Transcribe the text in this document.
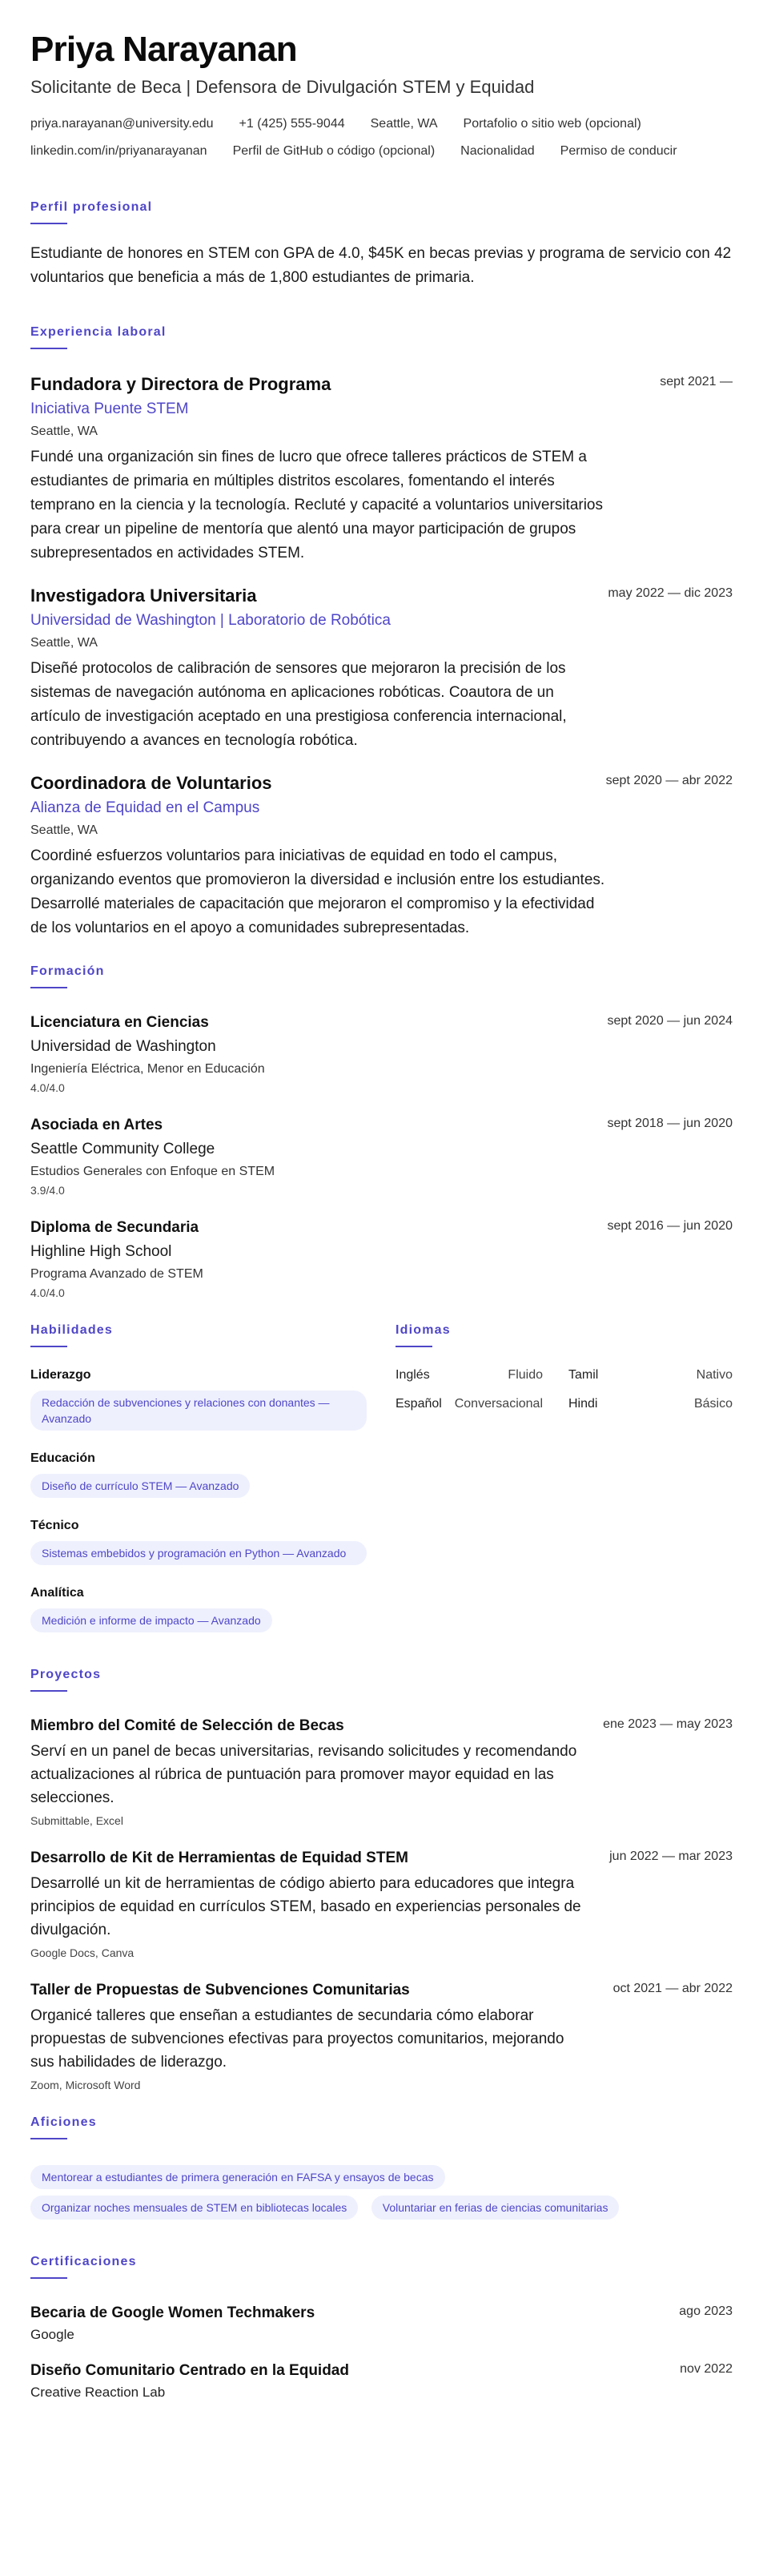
Priya Narayanan
Solicitante de Beca | Defensora de Divulgación STEM y Equidad
priya.narayanan@university.edu +1 (425) 555-9044 Seattle, WA Portafolio o sitio web (opcional)
linkedin.com/in/priyanarayanan Perfil de GitHub o código (opcional) Nacionalidad Permiso de conducir
Perfil profesional

Estudiante de honores en STEM con GPA de 4.0, $45K en becas previas y programa de servicio con 42 voluntarios que beneficia a más de 1,800 estudiantes de primaria.

Experiencia laboral
Fundadora y Directora de Programa	sept 2021 —
Iniciativa Puente STEM
Seattle, WA

Fundé una organización sin fines de lucro que ofrece talleres prácticos de STEM a estudiantes de primaria en múltiples distritos escolares, fomentando el interés temprano en la ciencia y la tecnología. Recluté y capacité a voluntarios universitarios para crear un pipeline de mentoría que alentó una mayor participación de grupos subrepresentados en actividades STEM.

Investigadora Universitaria	may 2022 — dic 2023
Universidad de Washington | Laboratorio de Robótica
Seattle, WA

Diseñé protocolos de calibración de sensores que mejoraron la precisión de los sistemas de navegación autónoma en aplicaciones robóticas. Coautora de un artículo de investigación aceptado en una prestigiosa conferencia internacional, contribuyendo a avances en tecnología robótica.

Coordinadora de Voluntarios	sept 2020 — abr 2022
Alianza de Equidad en el Campus
Seattle, WA

Coordiné esfuerzos voluntarios para iniciativas de equidad en todo el campus, organizando eventos que promovieron la diversidad e inclusión entre los estudiantes. Desarrollé materiales de capacitación que mejoraron el compromiso y la efectividad de los voluntarios en el apoyo a comunidades subrepresentadas.

Formación
Licenciatura en Ciencias	sept 2020 — jun 2024
Universidad de Washington
Ingeniería Eléctrica, Menor en Educación
4.0/4.0
Asociada en Artes	sept 2018 — jun 2020
Seattle Community College
Estudios Generales con Enfoque en STEM
3.9/4.0
Diploma de Secundaria	sept 2016 — jun 2020
Highline High School
Programa Avanzado de STEM
4.0/4.0
Habilidades
Liderazgo
Redacción de subvenciones y relaciones con donantes — Avanzado
Educación
Diseño de currículo STEM — Avanzado
Técnico
Sistemas embebidos y programación en Python — Avanzado
Analítica
Medición e informe de impacto — Avanzado
Idiomas
Inglés	Fluido Tamil	Nativo
Español Conversacional Hindi	Básico
Proyectos
Miembro del Comité de Selección de Becas	ene 2023 — may 2023

Serví en un panel de becas universitarias, revisando solicitudes y recomendando actualizaciones al rúbrica de puntuación para promover mayor equidad en las selecciones.

Submittable, Excel
Desarrollo de Kit de Herramientas de Equidad STEM	jun 2022 — mar 2023

Desarrollé un kit de herramientas de código abierto para educadores que integra principios de equidad en currículos STEM, basado en experiencias personales de divulgación.

Google Docs, Canva
Taller de Propuestas de Subvenciones Comunitarias	oct 2021 — abr 2022

Organicé talleres que enseñan a estudiantes de secundaria cómo elaborar propuestas de subvenciones efectivas para proyectos comunitarios, mejorando sus habilidades de liderazgo.

Zoom, Microsoft Word
Aficiones
Mentorear a estudiantes de primera generación en FAFSA y ensayos de becas
Organizar noches mensuales de STEM en bibliotecas locales	Voluntariar en ferias de ciencias comunitarias
Certificaciones
Becaria de Google Women Techmakers	ago 2023
Google
Diseño Comunitario Centrado en la Equidad	nov 2022
Creative Reaction Lab
